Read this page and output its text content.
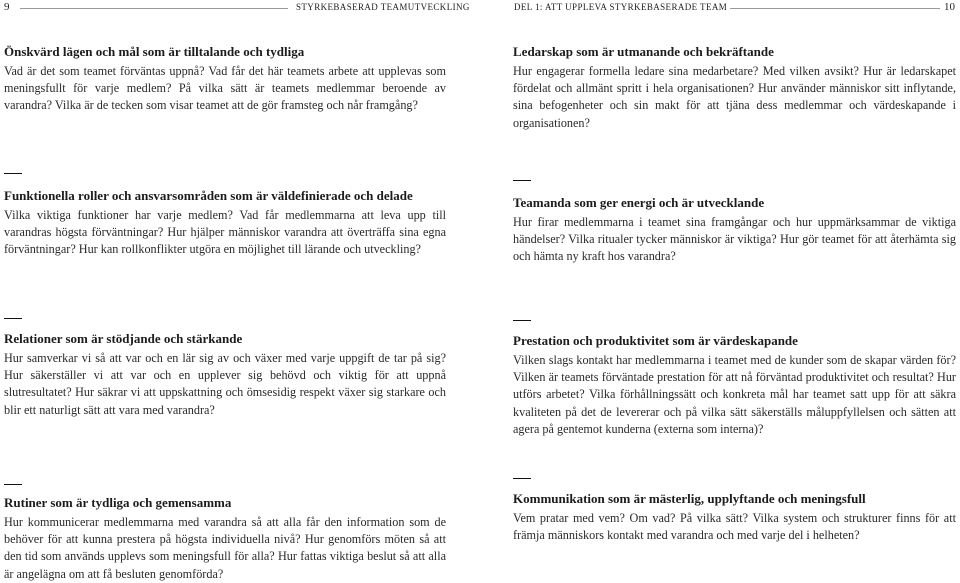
9	STYRKEBASERAD TEAMUTVECKLING	DEL 1: ATT UPPLEVA STYRKEBASERADE TEAM	10
Önskvärd lägen och mål som är tilltalande och tydliga

Vad är det som teamet förväntas uppnå? Vad får det här teamets arbete att upplevas som meningsfullt för varje medlem? På vilka sätt är teamets medlemmar beroende av varandra? Vilka är de tecken som visar teamet att de gör framsteg och når framgång?

Ledarskap som är utmanande och bekräftande

Hur engagerar formella ledare sina medarbetare? Med vilken avsikt? Hur är ledarskapet fördelat och allmänt spritt i hela organisationen? Hur använder människor sitt inflytande, sina befogenheter och sin makt för att tjäna dess medlemmar och värdeskapande i organisationen?

Funktionella roller och ansvarsområden som är väldefinierade och delade

Vilka viktiga funktioner har varje medlem? Vad får medlemmarna att leva upp till varandras högsta förväntningar? Hur hjälper människor varandra att överträffa sina egna förväntningar? Hur kan rollkonflikter utgöra en möjlighet till lärande och utveckling?

Teamanda som ger energi och är utvecklande

Hur firar medlemmarna i teamet sina framgångar och hur uppmärksammar de viktiga händelser? Vilka ritualer tycker människor är viktiga? Hur gör teamet för att återhämta sig och hämta ny kraft hos varandra?

Relationer som är stödjande och stärkande

Hur samverkar vi så att var och en lär sig av och växer med varje uppgift de tar på sig? Hur säkerställer vi att var och en upplever sig behövd och viktig för att uppnå slutresultatet? Hur säkrar vi att uppskattning och ömsesidig respekt växer sig starkare och blir ett naturligt sätt att vara med varandra?

Prestation och produktivitet som är värdeskapande

Vilken slags kontakt har medlemmarna i teamet med de kunder som de skapar värden för? Vilken är teamets förväntade prestation för att nå förväntad produktivitet och resultat? Hur utförs arbetet? Vilka förhållningssätt och konkreta mål har teamet satt upp för att säkra kvaliteten på det de levererar och på vilka sätt säkerställs måluppfyllelsen och sätten att agera på gentemot kunderna (externa som interna)?

Rutiner som är tydliga och gemensamma

Hur kommunicerar medlemmarna med varandra så att alla får den information som de behöver för att kunna prestera på högsta individuella nivå? Hur genomförs möten så att den tid som används upplevs som meningsfull för alla? Hur fattas viktiga beslut så att alla är angelägna om att få besluten genomförda?

Kommunikation som är mästerlig, upplyftande och meningsfull

Vem pratar med vem? Om vad? På vilka sätt? Vilka system och strukturer finns för att främja människors kontakt med varandra och med varje del i helheten?
